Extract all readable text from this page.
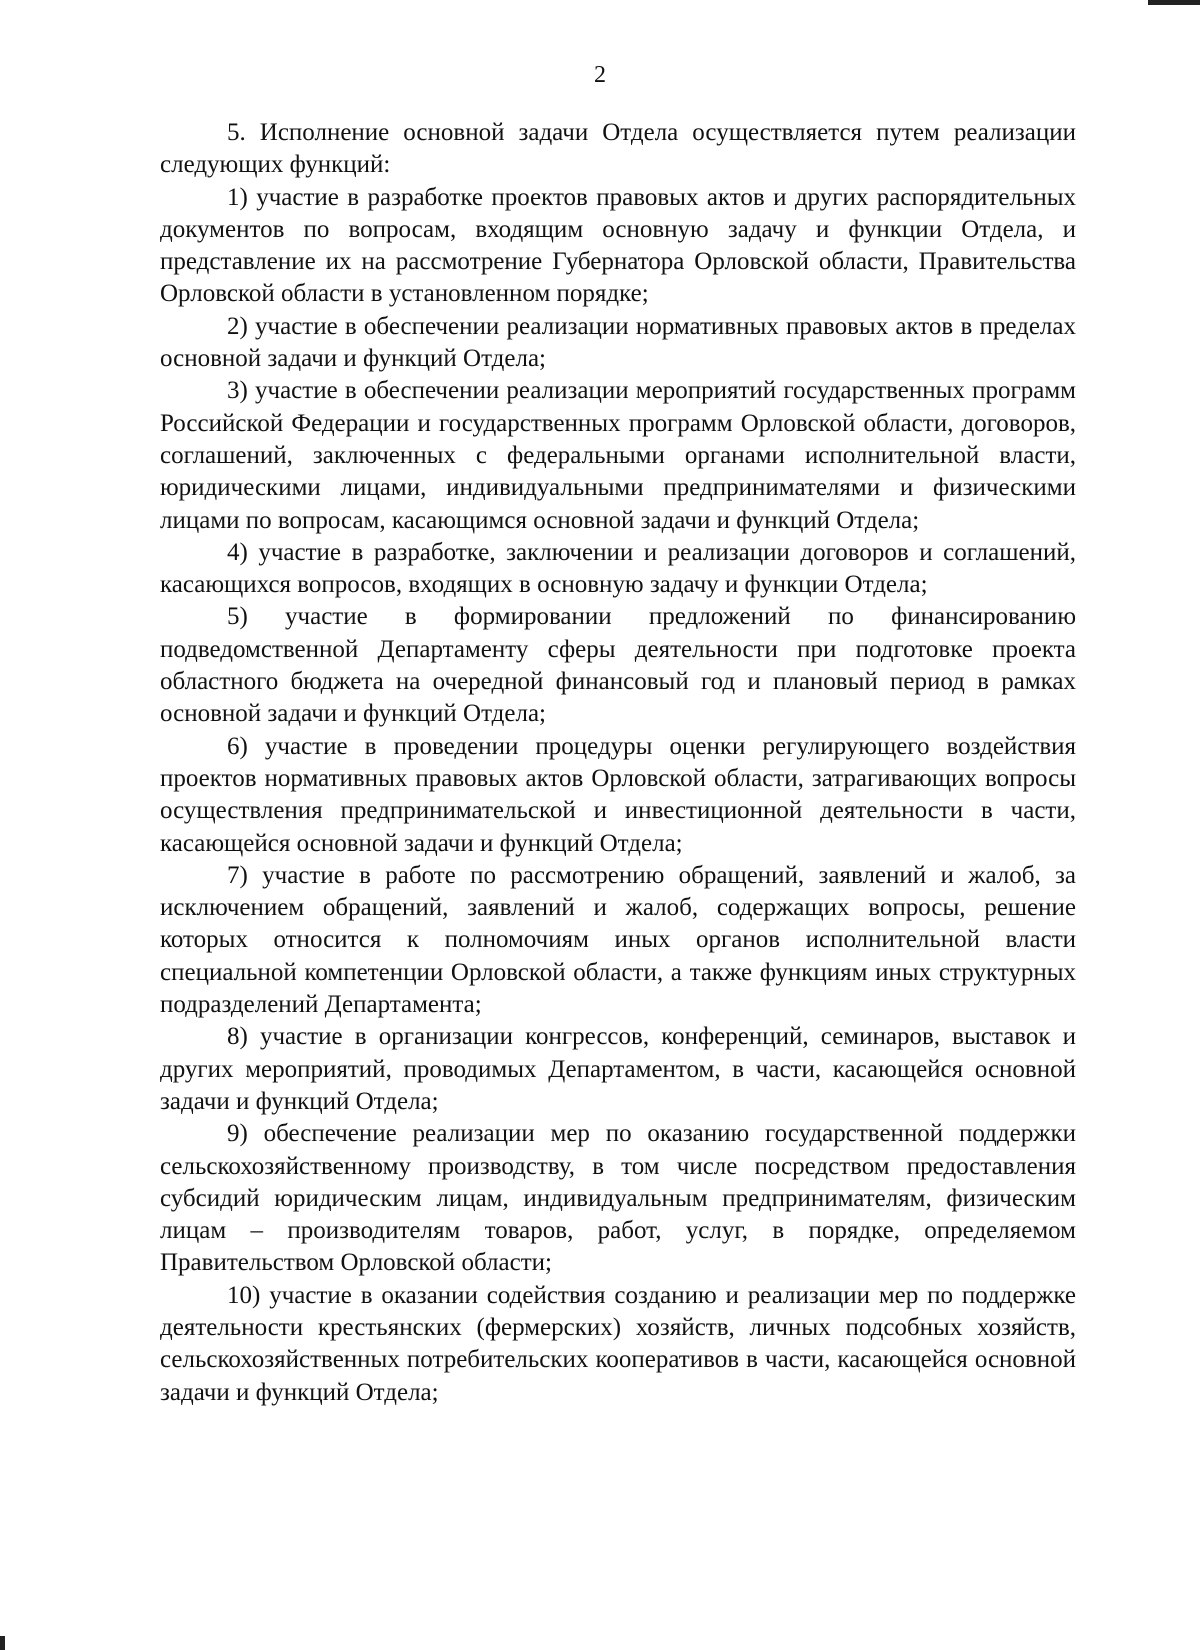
2

5. Исполнение основной задачи Отдела осуществляется путем реализации следующих функций:

1) участие в разработке проектов правовых актов и других распорядительных документов по вопросам, входящим основную задачу и функции Отдела, и представление их на рассмотрение Губернатора Орловской области, Правительства Орловской области в установленном порядке;

2) участие в обеспечении реализации нормативных правовых актов в пределах основной задачи и функций Отдела;

3) участие в обеспечении реализации мероприятий государственных программ Российской Федерации и государственных программ Орловской области, договоров, соглашений, заключенных с федеральными органами исполнительной власти, юридическими лицами, индивидуальными предпринимателями и физическими лицами по вопросам, касающимся основной задачи и функций Отдела;

4) участие в разработке, заключении и реализации договоров и соглашений, касающихся вопросов, входящих в основную задачу и функции Отдела;

5) участие в формировании предложений по финансированию подведомственной Департаменту сферы деятельности при подготовке проекта областного бюджета на очередной финансовый год и плановый период в рамках основной задачи и функций Отдела;

6) участие в проведении процедуры оценки регулирующего воздействия проектов нормативных правовых актов Орловской области, затрагивающих вопросы осуществления предпринимательской и инвестиционной деятельности в части, касающейся основной задачи и функций Отдела;

7) участие в работе по рассмотрению обращений, заявлений и жалоб, за исключением обращений, заявлений и жалоб, содержащих вопросы, решение которых относится к полномочиям иных органов исполнительной власти специальной компетенции Орловской области, а также функциям иных структурных подразделений Департамента;

8) участие в организации конгрессов, конференций, семинаров, выставок и других мероприятий, проводимых Департаментом, в части, касающейся основной задачи и функций Отдела;

9) обеспечение реализации мер по оказанию государственной поддержки сельскохозяйственному производству, в том числе посредством предоставления субсидий юридическим лицам, индивидуальным предпринимателям, физическим лицам – производителям товаров, работ, услуг, в порядке, определяемом Правительством Орловской области;

10) участие в оказании содействия созданию и реализации мер по поддержке деятельности крестьянских (фермерских) хозяйств, личных подсобных хозяйств, сельскохозяйственных потребительских кооперативов в части, касающейся основной задачи и функций Отдела;
